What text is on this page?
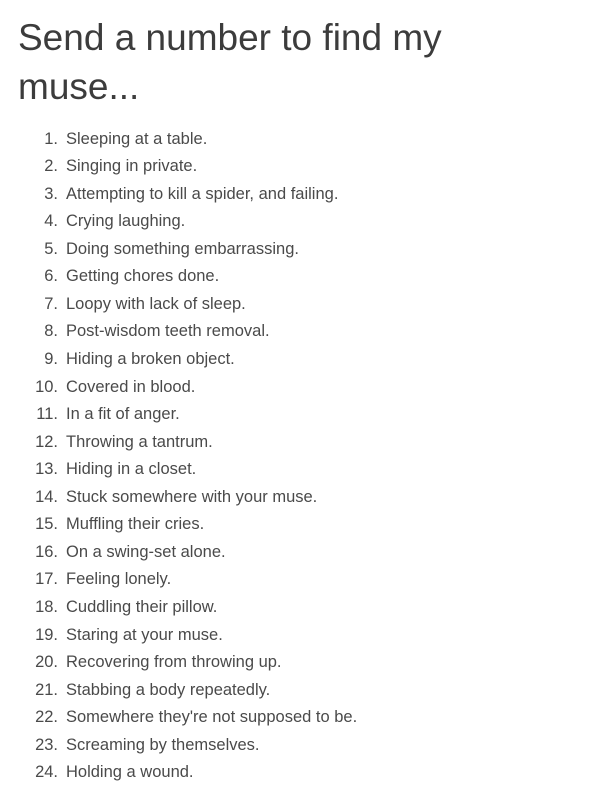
Send a number to find my muse...
1. Sleeping at a table.
2. Singing in private.
3. Attempting to kill a spider, and failing.
4. Crying laughing.
5. Doing something embarrassing.
6. Getting chores done.
7. Loopy with lack of sleep.
8. Post-wisdom teeth removal.
9. Hiding a broken object.
10. Covered in blood.
11. In a fit of anger.
12. Throwing a tantrum.
13. Hiding in a closet.
14. Stuck somewhere with your muse.
15. Muffling their cries.
16. On a swing-set alone.
17. Feeling lonely.
18. Cuddling their pillow.
19. Staring at your muse.
20. Recovering from throwing up.
21. Stabbing a body repeatedly.
22. Somewhere they're not supposed to be.
23. Screaming by themselves.
24. Holding a wound.
